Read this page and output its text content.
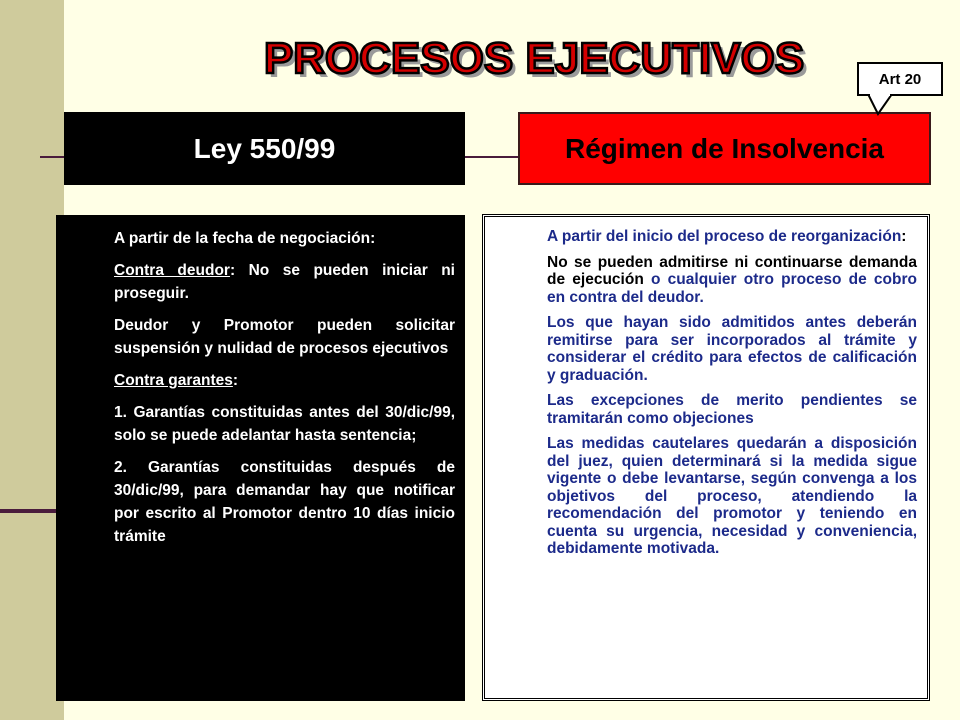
PROCESOS EJECUTIVOS
Ley 550/99	Régimen de Insolvencia
Art 20

A partir de la fecha de negociación:

Contra deudor: No se pueden iniciar ni proseguir.

Deudor y Promotor pueden solicitar suspensión y nulidad de procesos ejecutivos

Contra garantes:

1. Garantías constituidas antes del 30/dic/99, solo se puede adelantar hasta sentencia;

2. Garantías constituidas después de 30/dic/99, para demandar hay que notificar por escrito al Promotor dentro 10 días inicio trámite

A partir del inicio del proceso de reorganización:

No se pueden admitirse ni continuarse demanda de ejecución o cualquier otro proceso de cobro en contra del deudor.

Los que hayan sido admitidos antes deberán remitirse para ser incorporados al trámite y considerar el crédito para efectos de calificación y graduación.

Las excepciones de merito pendientes se tramitarán como objeciones

Las medidas cautelares quedarán a disposición del juez, quien determinará si la medida sigue vigente o debe levantarse, según convenga a los objetivos del proceso, atendiendo la recomendación del promotor y teniendo en cuenta su urgencia, necesidad y conveniencia, debidamente motivada.
